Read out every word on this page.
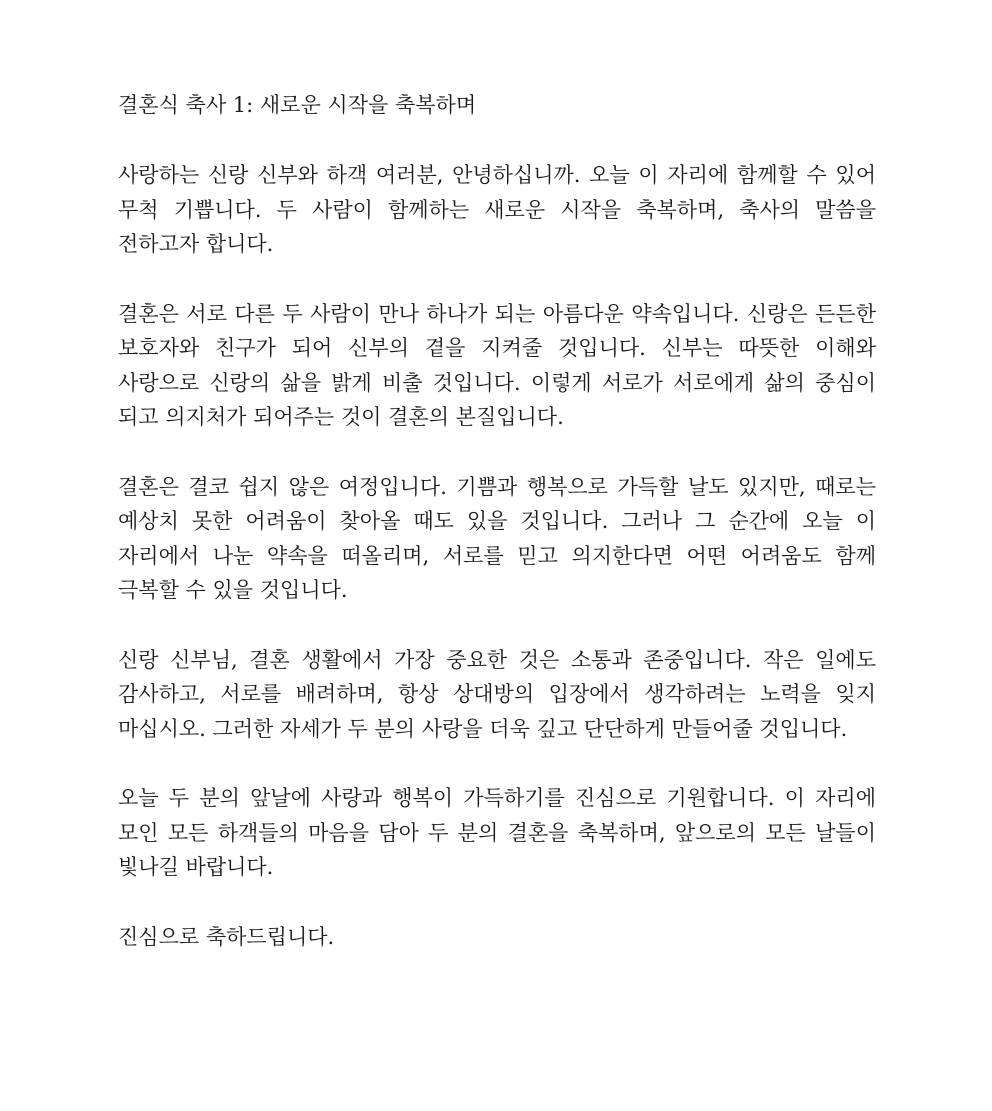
결혼식 축사 1: 새로운 시작을 축복하며

사랑하는 신랑 신부와 하객 여러분, 안녕하십니까. 오늘 이 자리에 함께할 수 있어 무척 기쁩니다. 두 사람이 함께하는 새로운 시작을 축복하며, 축사의 말씀을 전하고자 합니다.

결혼은 서로 다른 두 사람이 만나 하나가 되는 아름다운 약속입니다. 신랑은 든든한 보호자와 친구가 되어 신부의 곁을 지켜줄 것입니다. 신부는 따뜻한 이해와 사랑으로 신랑의 삶을 밝게 비출 것입니다. 이렇게 서로가 서로에게 삶의 중심이 되고 의지처가 되어주는 것이 결혼의 본질입니다.

결혼은 결코 쉽지 않은 여정입니다. 기쁨과 행복으로 가득할 날도 있지만, 때로는 예상치 못한 어려움이 찾아올 때도 있을 것입니다. 그러나 그 순간에 오늘 이 자리에서 나눈 약속을 떠올리며, 서로를 믿고 의지한다면 어떤 어려움도 함께 극복할 수 있을 것입니다.

신랑 신부님, 결혼 생활에서 가장 중요한 것은 소통과 존중입니다. 작은 일에도 감사하고, 서로를 배려하며, 항상 상대방의 입장에서 생각하려는 노력을 잊지 마십시오. 그러한 자세가 두 분의 사랑을 더욱 깊고 단단하게 만들어줄 것입니다.

오늘 두 분의 앞날에 사랑과 행복이 가득하기를 진심으로 기원합니다. 이 자리에 모인 모든 하객들의 마음을 담아 두 분의 결혼을 축복하며, 앞으로의 모든 날들이 빛나길 바랍니다.

진심으로 축하드립니다.
